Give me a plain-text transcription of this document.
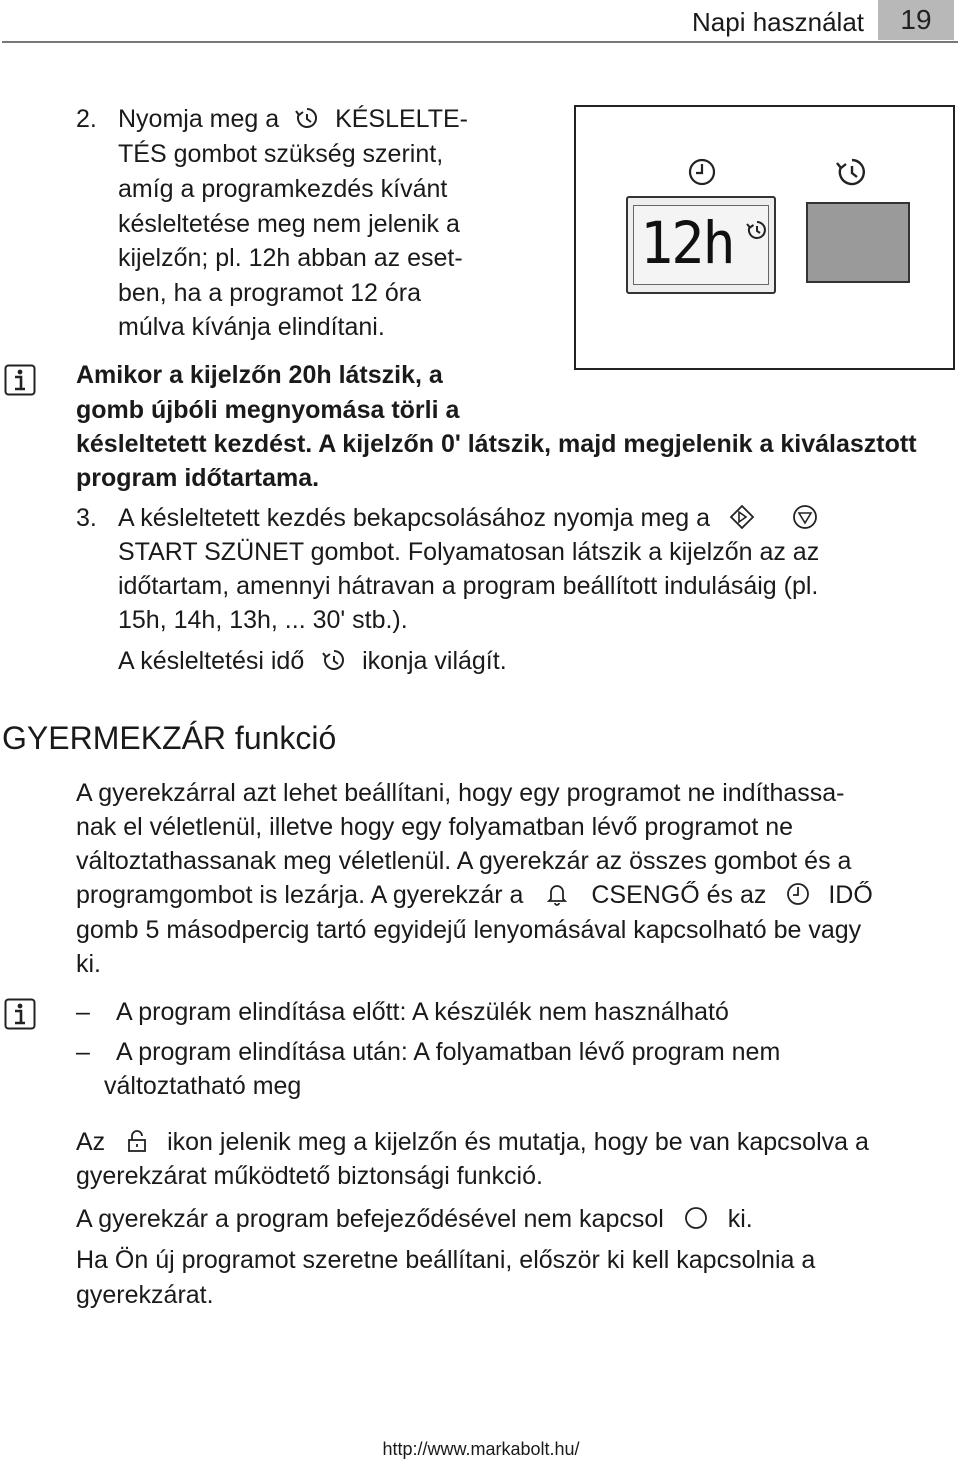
Napi használat	19
2. Nyomja meg a KÉSLELTE-
TÉS gombot szükség szerint,
amíg a programkezdés kívánt
késleltetése meg nem jelenik a
kijelzőn; pl. 12h abban az eset-
ben, ha a programot 12 óra
múlva kívánja elindítani.
12h
Amikor a kijelzőn 20h látszik, a
gomb újbóli megnyomása törli a
késleltetett kezdést. A kijelzőn 0' látszik, majd megjelenik a kiválasztott
program időtartama.
3. A késleltetett kezdés bekapcsolásához nyomja meg a

START SZÜNET gombot. Folyamatosan látszik a kijelzőn az az
időtartam, amennyi hátravan a program beállított indulásáig (pl.
15h, 14h, 13h, ... 30' stb.).
A késleltetési idő ikonja világít.
GYERMEKZÁR funkció
A gyerekzárral azt lehet beállítani, hogy egy programot ne indíthassa-
nak el véletlenül, illetve hogy egy folyamatban lévő programot ne
változtathassanak meg véletlenül. A gyerekzár az összes gombot és a
programgombot is lezárja. A gyerekzár a	CSENGŐ és az IDŐ
gomb 5 másodpercig tartó egyidejű lenyomásával kapcsolható be vagy
ki.
– A program elindítása előtt: A készülék nem használható
– A program elindítása után: A folyamatban lévő program nem
változtatható meg
Az ikon jelenik meg a kijelzőn és mutatja, hogy be van kapcsolva a
gyerekzárat működtető biztonsági funkció.
A gyerekzár a program befejeződésével nem kapcsol	ki.
Ha Ön új programot szeretne beállítani, először ki kell kapcsolnia a
gyerekzárat.
http://www.markabolt.hu/
